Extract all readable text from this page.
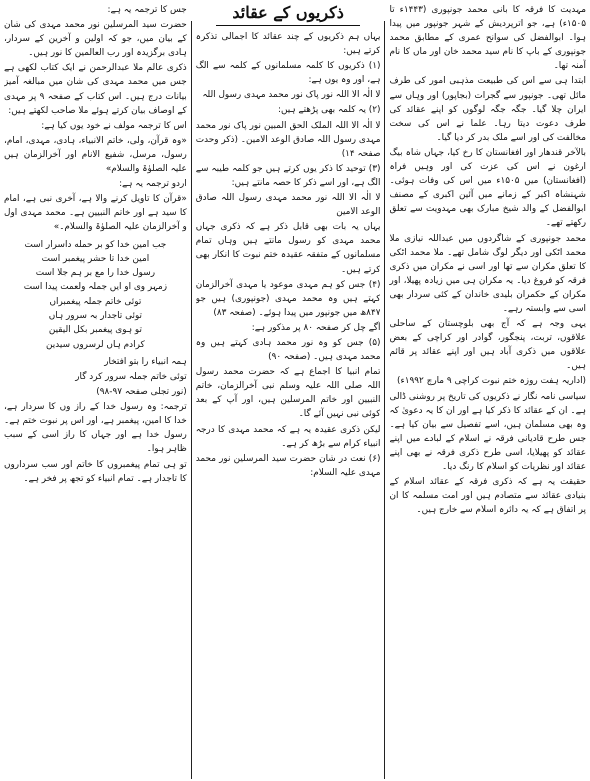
مہدیت کا فرقہ کا بانی محمد جونپوری (۱۴۴۳ء تا ۱۵۰۵ء) ہے، جو اترپردیش کے شہر جونپور میں پیدا ہوا۔ ابوالفضل کی سوانح عمری کے مطابق محمد جونپوری کے باپ کا نام سید محمد خان اور ماں کا نام آمنہ تھا۔

ابتدا ہی سے اس کی طبیعت مذہبی امور کی طرف مائل تھی۔ جونپور سے گجرات (بجاپور) اور وہاں سے ایران چلا گیا۔ جگہ جگہ لوگوں کو اپنے عقائد کی طرف دعوت دیتا رہا۔ علما نے اس کی سخت مخالفت کی اور اسے ملک بدر کر دیا گیا۔

بالآخر قندھار اور افغانستان کا رخ کیا، جہاں شاہ بیگ ارغون نے اس کی عزت کی اور وہیں فراہ (افغانستان) میں ۱۵۰۵ء میں اس کی وفات ہوئی۔ شہنشاہ اکبر کے زمانے میں آئین اکبری کے مصنف ابوالفضل کے والد شیخ مبارک بھی مہدویت سے تعلق رکھتے تھے۔

محمد جونپوری کے شاگردوں میں عبداللہ نیازی ملا محمد اٹکی اور دیگر لوگ شامل تھے۔ ملا محمد اٹکی کا تعلق مکران سے تھا اور اسی نے مکران میں ذکری فرقہ کو فروغ دیا۔ یہ مکران ہی میں زیادہ پھیلا، اور مکران کے حکمران بلیدی خاندان کے کئی سردار بھی اسی سے وابستہ رہے۔

یہی وجہ ہے کہ آج بھی بلوچستان کے ساحلی علاقوں، تربت، پنجگور، گوادر اور کراچی کے بعض علاقوں میں ذکری آباد ہیں اور اپنے عقائد پر قائم ہیں۔

(اداریہ ہفت روزہ ختم نبوت کراچی ۹ مارچ ۱۹۹۲ء)

سیاسی نامہ نگار نے ذکریوں کی تاریخ پر روشنی ڈالی ہے۔ ان کے عقائد کا ذکر کیا ہے اور ان کا یہ دعویٰ کہ وہ بھی مسلمان ہیں، اسے تفصیل سے بیان کیا ہے۔ جس طرح قادیانی فرقہ نے اسلام کے لبادے میں اپنے عقائد کو پھیلایا، اسی طرح ذکری فرقہ نے بھی اپنے عقائد اور نظریات کو اسلام کا رنگ دیا۔

حقیقت یہ ہے کہ ذکری فرقہ کے عقائد اسلام کے بنیادی عقائد سے متصادم ہیں اور امت مسلمہ کا ان پر اتفاق ہے کہ یہ دائرہ اسلام سے خارج ہیں۔

ذکریوں کے عقائد

یہاں ہم ذکریوں کے چند عقائد کا اجمالی تذکرہ کرتے ہیں:

(۱) ذکریوں کا کلمہ مسلمانوں کے کلمہ سے الگ ہے، اور وہ یوں ہے:

لا الٰہ الا اللہ نور پاک نور محمد مہدی رسول اللہ

(۲) یہ کلمہ بھی پڑھتے ہیں:

لا الٰہ الا اللہ الملک الحق المبین نور پاک نور محمد مہدی رسول اللہ صادق الوعد الامین۔ (ذکر وحدت صفحہ ۱۴)

(۳) توحید کا ذکر یوں کرتے ہیں جو کلمہ طیبہ سے الگ ہے، اور اسے ذکر کا حصہ مانتے ہیں:

لا الٰہ الا اللہ نور محمد مہدی رسول اللہ صادق الوعد الامین

یہاں یہ بات بھی قابل ذکر ہے کہ ذکری جہاں محمد مہدی کو رسول مانتے ہیں وہاں تمام مسلمانوں کے متفقہ عقیدہ ختم نبوت کا انکار بھی کرتے ہیں۔

(۴) جس کو ہم مہدی موعود یا مہدی آخرالزمان کہتے ہیں وہ محمد مہدی (جونپوری) ہیں جو ۸۴۷ھ میں جونپور میں پیدا ہوئے۔ (صفحہ ۸۳)

آگے چل کر صفحہ ۸۰ پر مذکور ہے:

(۵) جس کو وہ نور محمد ہادی کہتے ہیں وہ محمد مہدی ہیں۔ (صفحہ ۹۰)

تمام انبیا کا اجماع ہے کہ حضرت محمد رسول اللہ صلی اللہ علیہ وسلم نبی آخرالزمان، خاتم النبیین اور خاتم المرسلین ہیں، اور آپ کے بعد کوئی نبی نہیں آئے گا۔

لیکن ذکری عقیدہ یہ ہے کہ محمد مہدی کا درجہ انبیاء کرام سے بڑھ کر ہے۔

(۶) نعت در شان حضرت سید المرسلین نور محمد مہدی علیہ السلام:

جس کا ترجمہ یہ ہے:

حضرت سید المرسلین نور محمد مہدی کی شان کے بیان میں، جو کہ اولین و آخرین کے سردار، ہادی برگزیدہ اور رب العالمین کا نور ہیں۔

ذکری عالم ملا عبدالرحمن نے ایک کتاب لکھی ہے جس میں محمد مہدی کی شان میں مبالغہ آمیز بیانات درج ہیں۔ اس کتاب کے صفحہ ۹ پر مہدی کے اوصاف بیان کرتے ہوئے ملا صاحب لکھتے ہیں:

اس کا ترجمہ مولف نے خود یوں کیا ہے:

«وہ قرآن، ولی، خاتم الانبیاء، ہادی، مہدی، امام، رسول، مرسل، شفیع الانام اور آخرالزمان ہیں علیہ الصلوٰۃ والسلام»

اردو ترجمہ یہ ہے:

«قرآن کا تاویل کرنے والا ہے، آخری نبی ہے، امام کا سید ہے اور خاتم النبیین ہے۔ محمد مہدی اول و آخرالزمان علیہ الصلوٰۃ والسلام۔»

جب امین خدا کو بر حمله داسرار است

امین خدا تا حشر پیغمبر است

رسول خدا را مع بر ہم جلا است

زمہر وی او ایں جملہ ولعمت پیدا است

توئی خاتم جملہ پیغمبراں

توئی تاجدار بہ سرور ہاں

تو ہوی پیغمبر بکل الیقین

کرادم ہاں لرسروں سیدین

ہمہ انبیاء را بتو افتخار

توئی خاتم جملہ سرور کرد گار

(نور تجلی صفحہ ۹۷-۹۸)

ترجمہ: وہ رسول خدا کے راز وں کا سردار ہے، خدا کا امین، پیغمبر ہے، اور اس پر نبوت ختم ہے۔ رسول خدا ہے اور جہاں کا راز اسی کے سبب ظاہر ہوا۔

تو ہی تمام پیغمبروں کا خاتم اور سب سرداروں کا تاجدار ہے۔ تمام انبیاء کو تجھ پر فخر ہے۔
